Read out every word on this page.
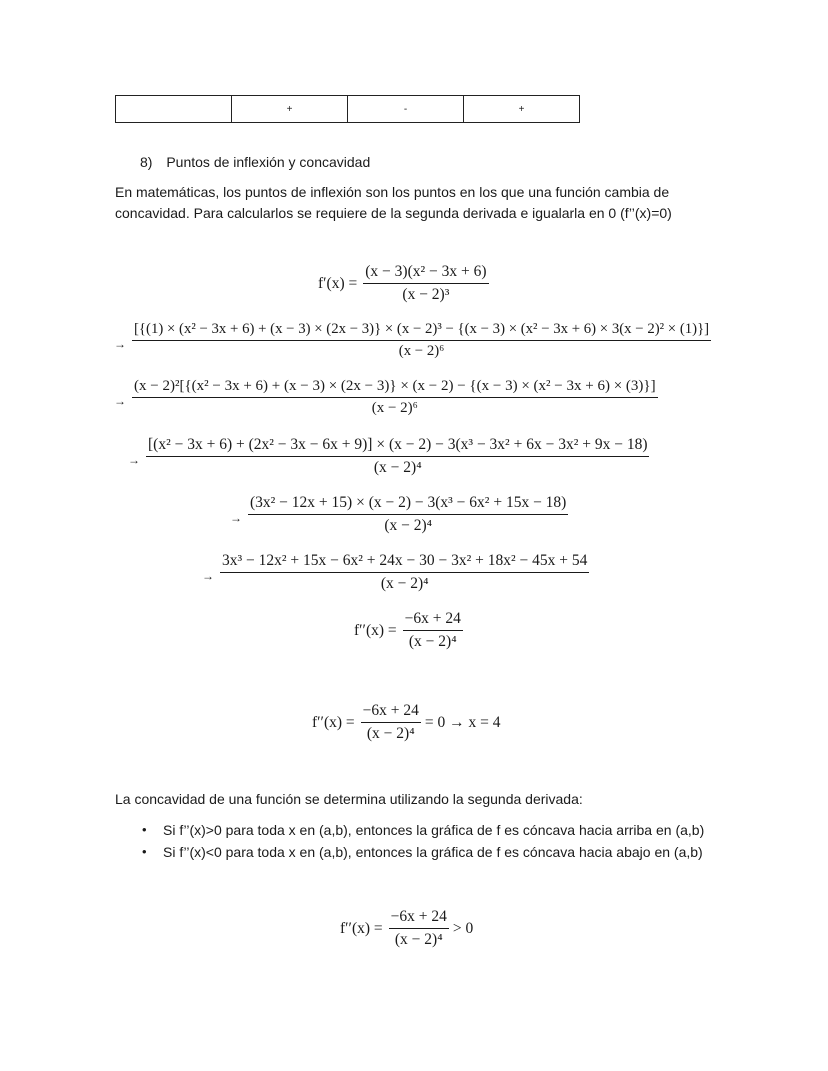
	+	-	+
8) Puntos de inflexión y concavidad
En matemáticas, los puntos de inflexión son los puntos en los que una función cambia de
concavidad. Para calcularlos se requiere de la segunda derivada e igualarla en 0 (f’’(x)=0)
$f'(x) = \frac{\text{(x − 3)(x² − 3x + 6)}}{\text{(x − 2)³}}$
→
[{(1) × (x² − 3x + 6) + (x − 3) × (2x − 3)} × (x − 2)³ − {(x − 3) × (x² − 3x + 6) × 3(x − 2)² × (1)}]
(x − 2)⁶
→
(x − 2)²[{(x² − 3x + 6) + (x − 3) × (2x − 3)} × (x − 2) − {(x − 3) × (x² − 3x + 6) × (3)}]
(x − 2)⁶
→
[(x² − 3x + 6) + (2x² − 3x − 6x + 9)] × (x − 2) − 3(x³ − 3x² + 6x − 3x² + 9x − 18)
(x − 2)⁴
→ $\frac{\text{(3x² − 12x + 15) × (x − 2) − 3(x³ − 6x² + 15x − 18)}}{\text{(x − 2)⁴}}$
→ $\frac{\text{3x³ − 12x² + 15x − 6x² + 24x − 30 − 3x² + 18x² − 45x + 54}}{\text{(x − 2)⁴}}$
$f''(x) = \frac{-6x + 24}{\text{(x − 2)⁴}}$
$f''(x) = \frac{-6x + 24}{\text{(x − 2)⁴}} = 0 \to x = 4$
La concavidad de una función se determina utilizando la segunda derivada:
• Si f’’(x)>0 para toda x en (a,b), entonces la gráfica de f es cóncava hacia arriba en (a,b)
• Si f’’(x)<0 para toda x en (a,b), entonces la gráfica de f es cóncava hacia abajo en (a,b)
$f''(x) = \frac{-6x + 24}{\text{(x − 2)⁴}} > 0$
